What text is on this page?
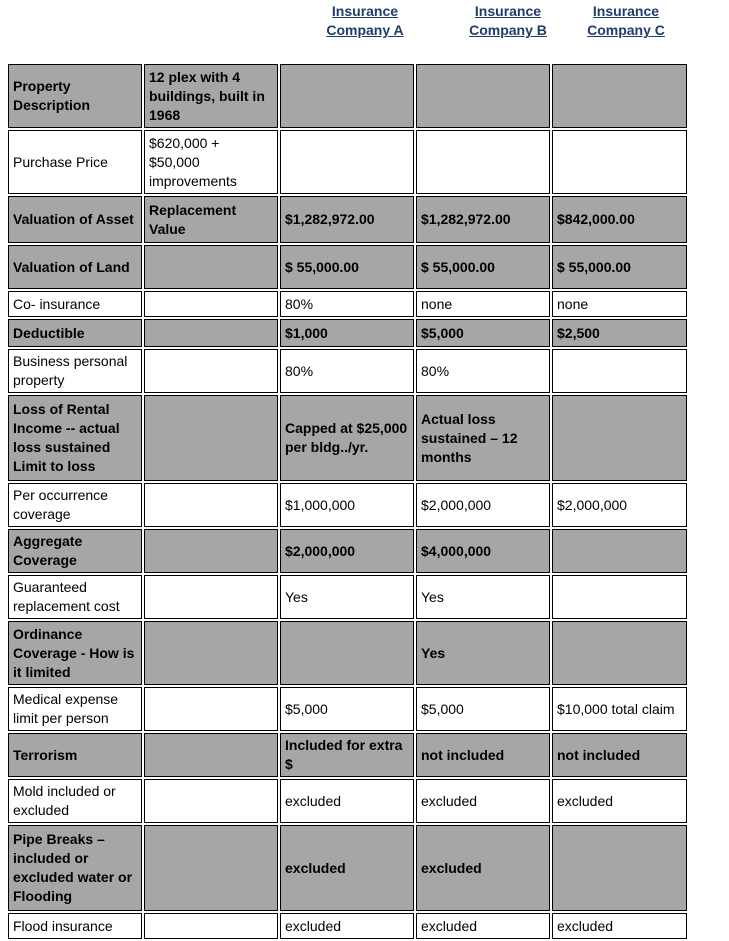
Insurance
Company A
Insurance
Company B
Insurance
Company C
Property Description	12 plex with 4 buildings, built in 1968			
Purchase Price	$620,000 + $50,000 improvements			
Valuation of Asset	Replacement Value	$1,282,972.00	$1,282,972.00	$842,000.00
Valuation of Land		$ 55,000.00	$ 55,000.00	$ 55,000.00
Co- insurance		80%	none	none
Deductible		$1,000	$5,000	$2,500
Business personal property		80%	80%	
Loss of Rental Income -- actual loss sustained Limit to loss		Capped at $25,000 per bldg../yr.	Actual loss sustained – 12 months	
Per occurrence coverage		$1,000,000	$2,000,000	$2,000,000
Aggregate Coverage		$2,000,000	$4,000,000	
Guaranteed replacement cost		Yes	Yes	
Ordinance Coverage - How is it limited			Yes	
Medical expense limit per person		$5,000	$5,000	$10,000 total claim
Terrorism		Included for extra $	not included	not included
Mold included or excluded		excluded	excluded	excluded
Pipe Breaks – included or excluded water or Flooding		excluded	excluded	
Flood insurance		excluded	excluded	excluded
